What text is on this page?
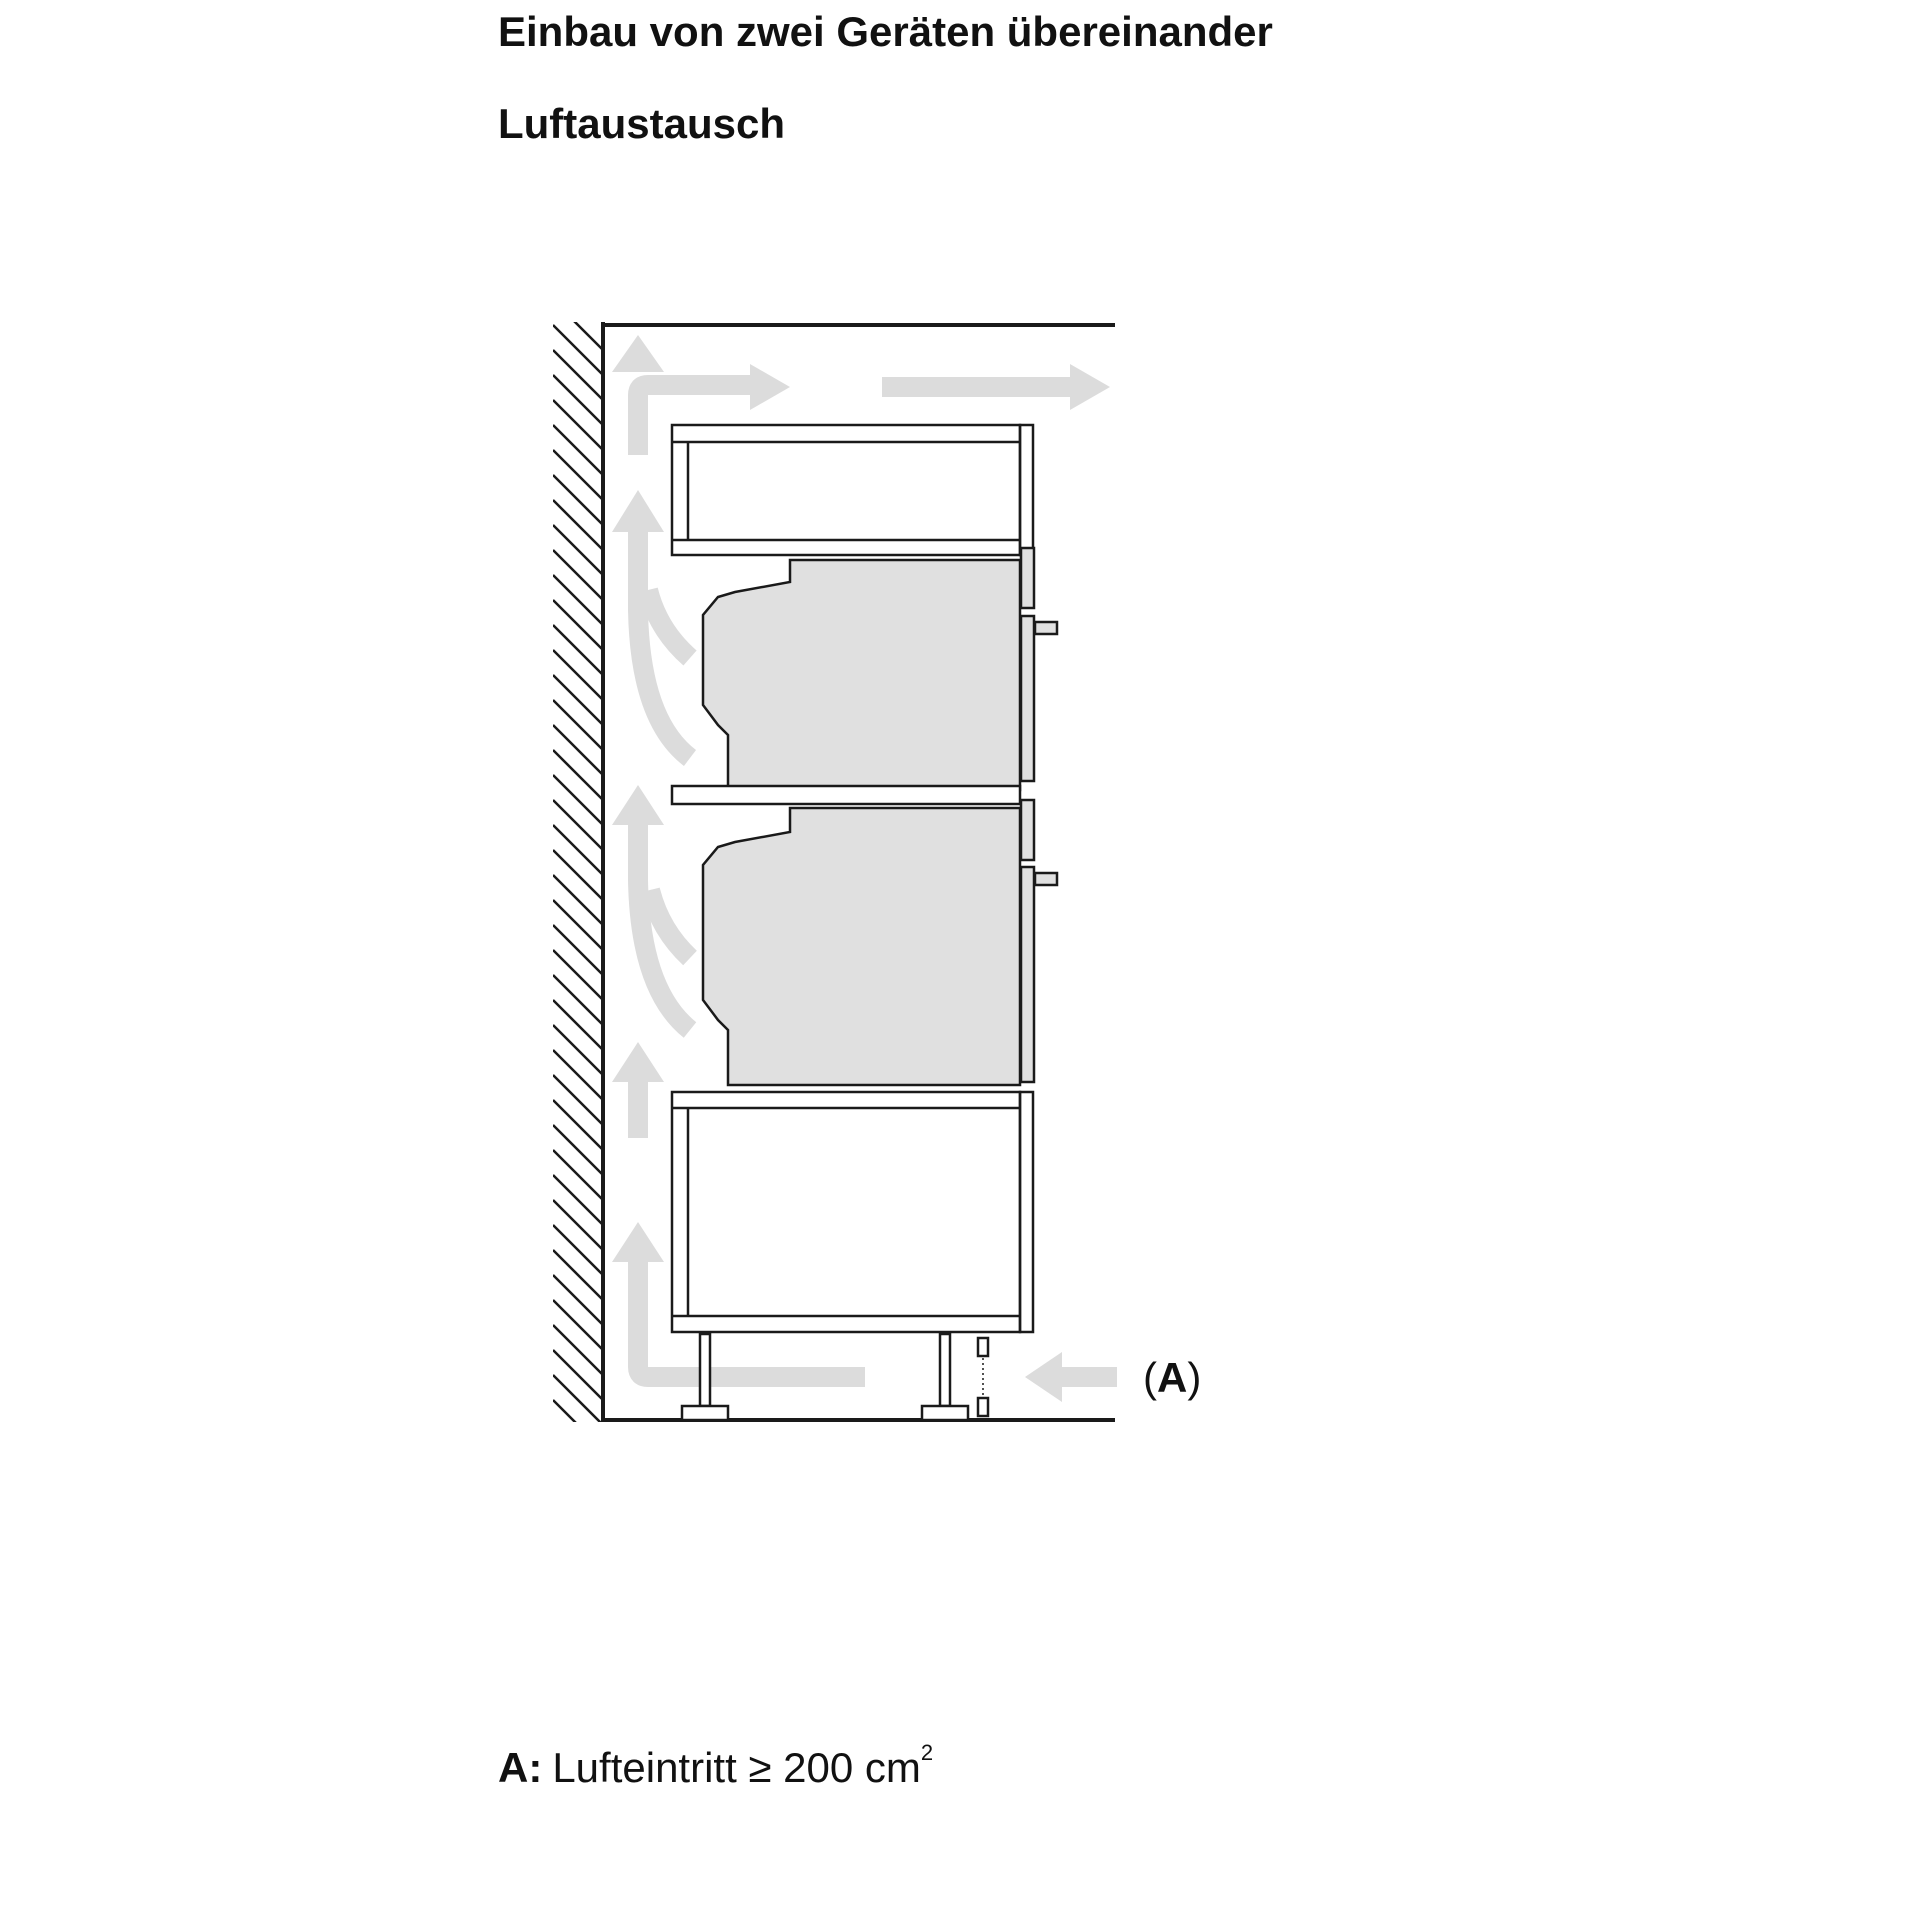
Einbau von zwei Geräten übereinander
Luftaustausch
(A)
A: Lufteintritt ≥ 200 $cm^2$
